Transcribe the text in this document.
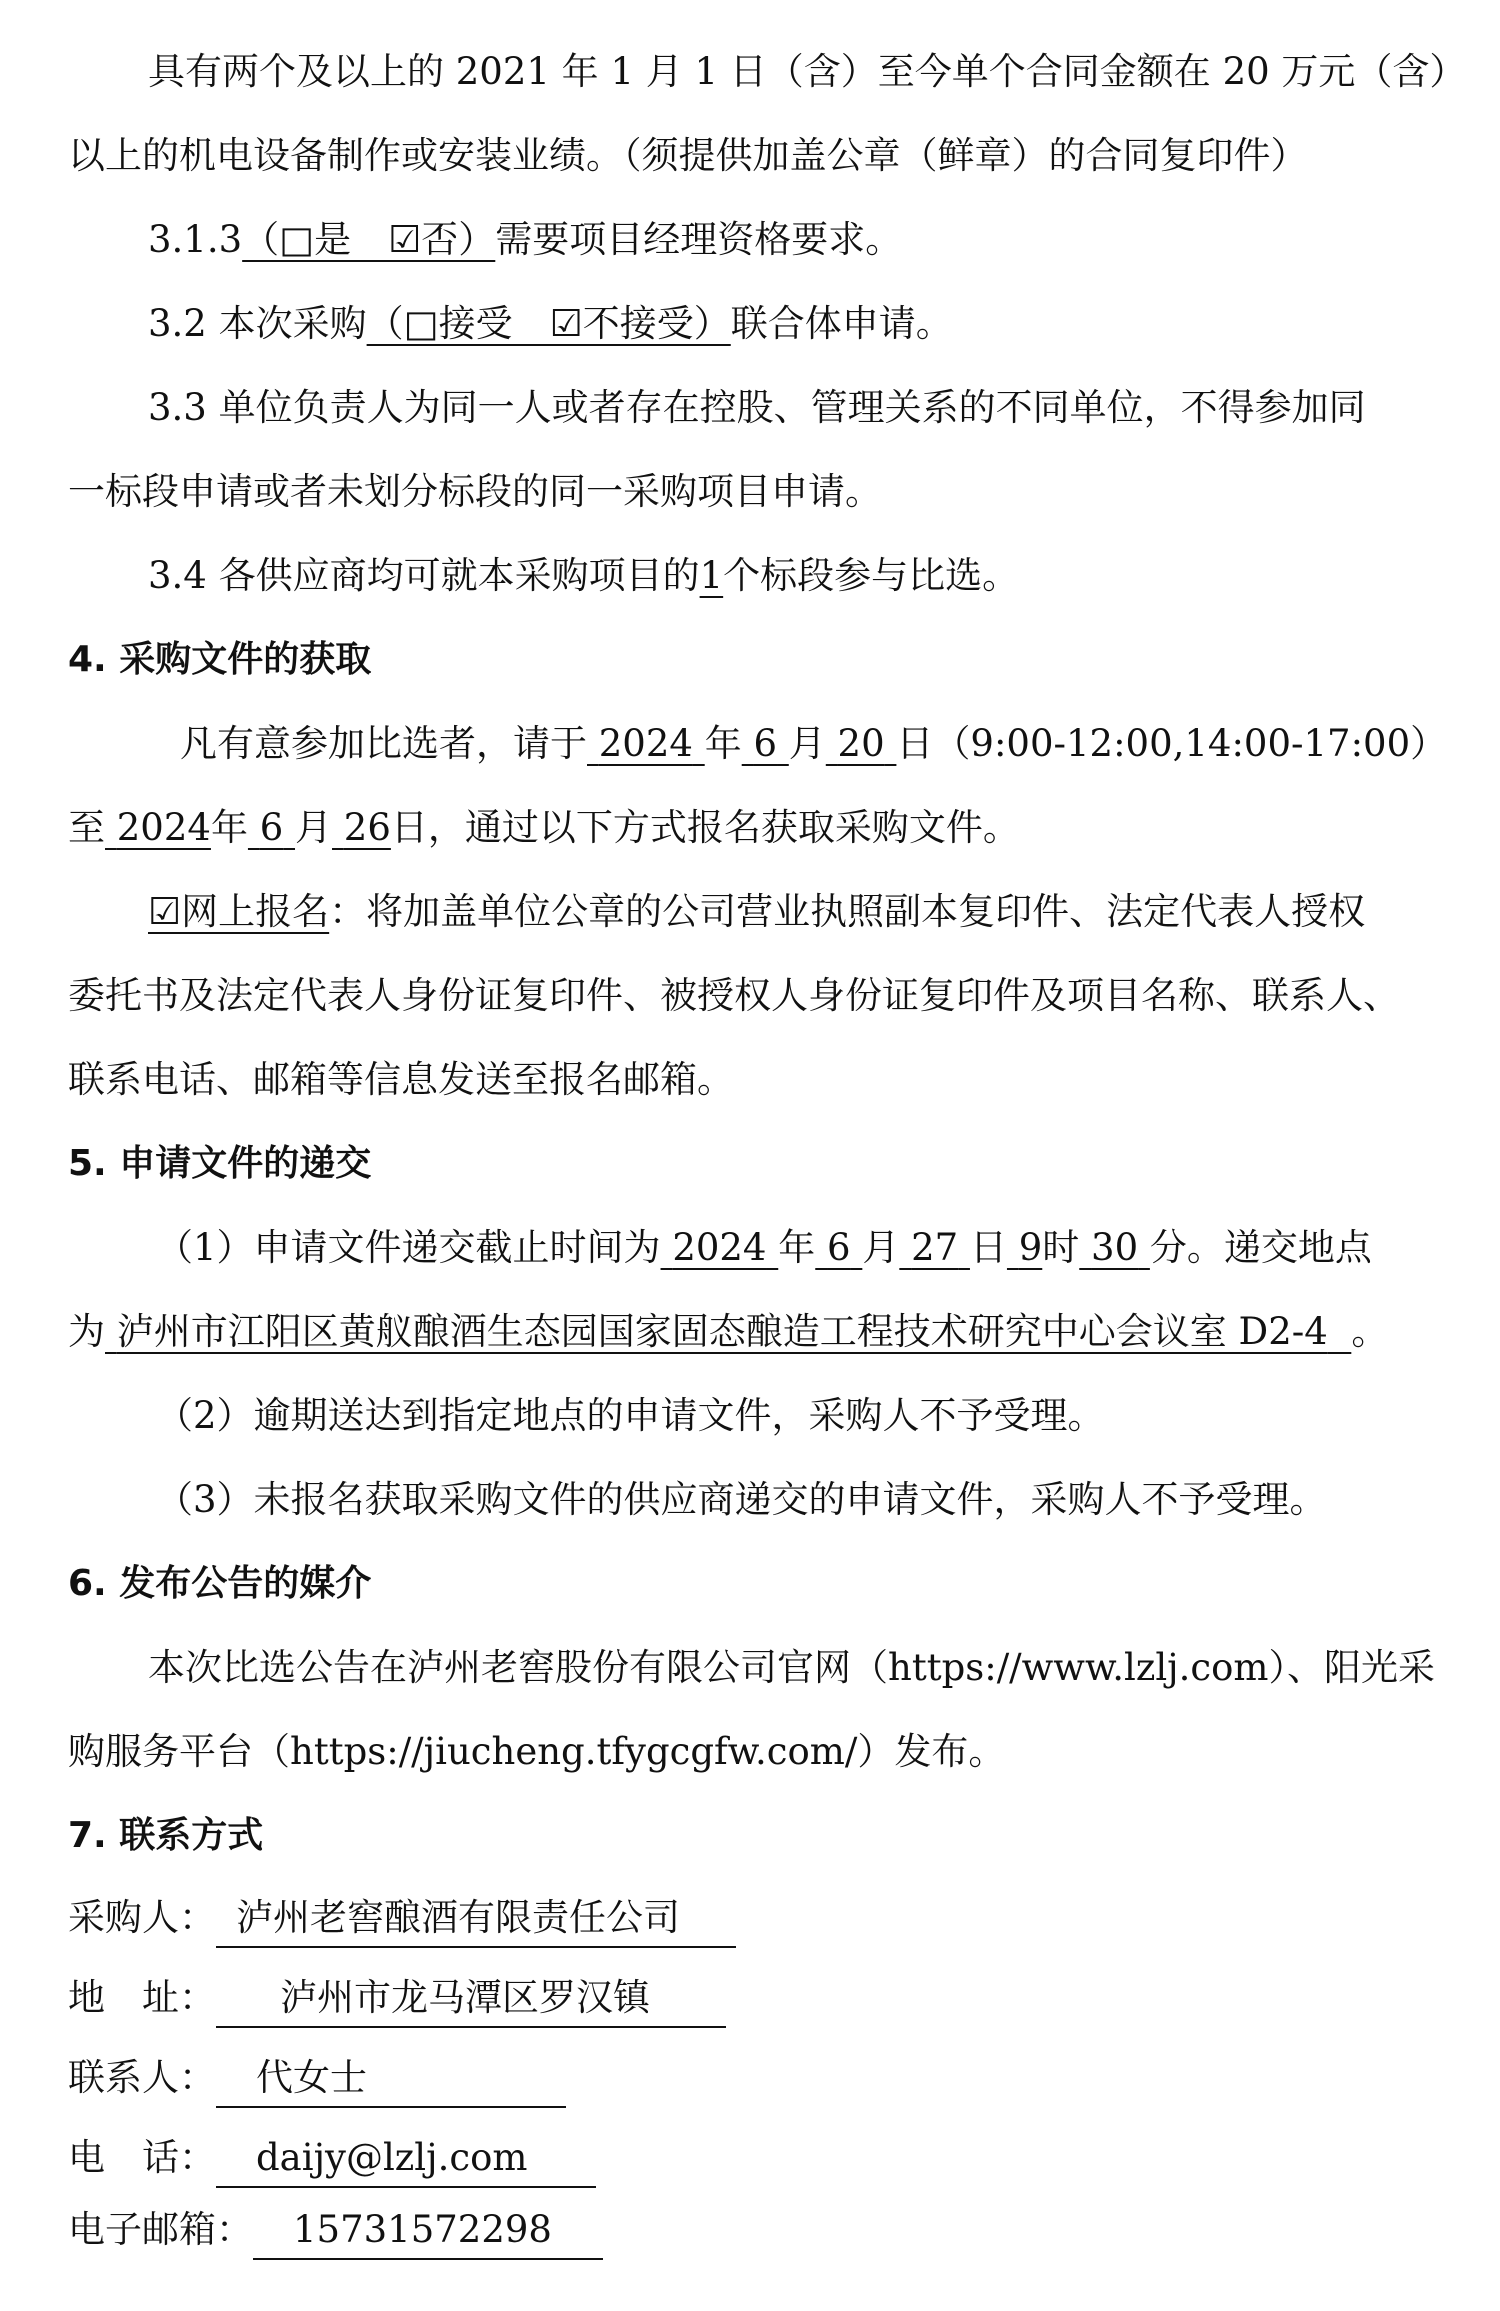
具有两个及以上的 2021 年 1 月 1 日（含）至今单个合同金额在 20 万元（含）

以上的机电设备制作或安装业绩。（须提供加盖公章（鲜章）的合同复印件）

3.1.3（□是　☑否）需要项目经理资格要求。

3.2 本次采购（□接受　☑不接受）联合体申请。

3.3 单位负责人为同一人或者存在控股、管理关系的不同单位，不得参加同

一标段申请或者未划分标段的同一采购项目申请。

3.4 各供应商均可就本采购项目的1个标段参与比选。

4. 采购文件的获取

凡有意参加比选者，请于 2024 年 6 月 20 日（9:00-12:00,14:00-17:00）

至 2024年 6 月 26日，通过以下方式报名获取采购文件。

☑网上报名：将加盖单位公章的公司营业执照副本复印件、法定代表人授权

委托书及法定代表人身份证复印件、被授权人身份证复印件及项目名称、联系人、

联系电话、邮箱等信息发送至报名邮箱。

5. 申请文件的递交

（1）申请文件递交截止时间为 2024 年 6 月 27 日 9时 30 分。递交地点

为 泸州市江阳区黄舣酿酒生态园国家固态酿造工程技术研究中心会议室 D2-4 。

（2）逾期送达到指定地点的申请文件，采购人不予受理。

（3）未报名获取采购文件的供应商递交的申请文件，采购人不予受理。

6. 发布公告的媒介

本次比选公告在泸州老窖股份有限公司官网（https://www.lzlj.com）、阳光采

购服务平台（https://jiucheng.tfygcgfw.com/）发布。

7. 联系方式

采购人： 泸州老窖酿酒有限责任公司

地　址： 泸州市龙马潭区罗汉镇

联系人： 代女士

电　话： daijy@lzlj.com

电子邮箱： 15731572298
